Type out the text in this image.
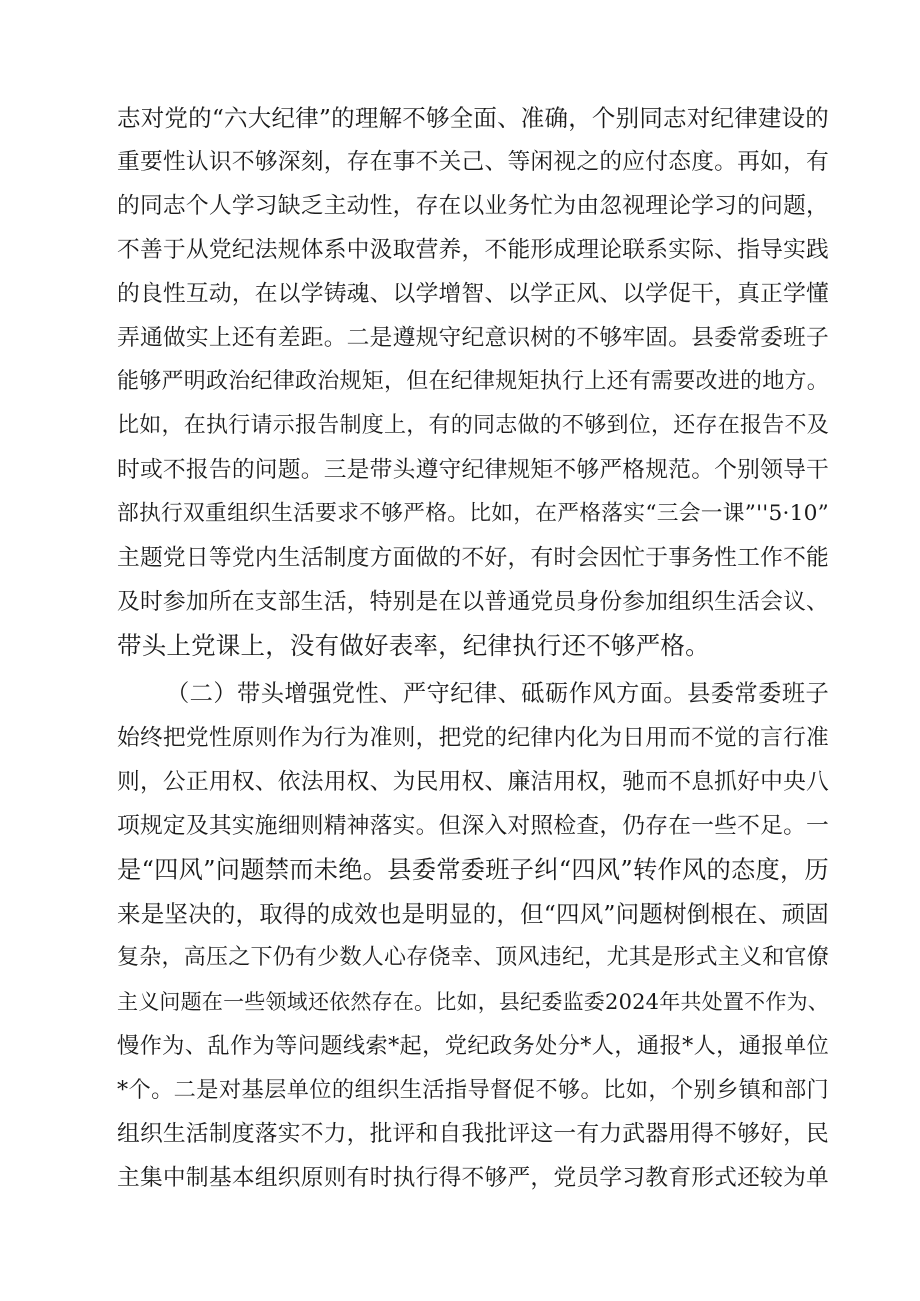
志对党的“六大纪律”的理解不够全面、准确，个别同志对纪律建设的
重要性认识不够深刻，存在事不关己、等闲视之的应付态度。再如，有
的同志个人学习缺乏主动性，存在以业务忙为由忽视理论学习的问题，
不善于从党纪法规体系中汲取营养，不能形成理论联系实际、指导实践
的良性互动，在以学铸魂、以学增智、以学正风、以学促干，真正学懂
弄通做实上还有差距。二是遵规守纪意识树的不够牢固。县委常委班子
能够严明政治纪律政治规矩，但在纪律规矩执行上还有需要改进的地方。
比如，在执行请示报告制度上，有的同志做的不够到位，还存在报告不及
时或不报告的问题。三是带头遵守纪律规矩不够严格规范。个别领导干
部执行双重组织生活要求不够严格。比如，在严格落实“三会一课”''5·10”
主题党日等党内生活制度方面做的不好，有时会因忙于事务性工作不能
及时参加所在支部生活，特别是在以普通党员身份参加组织生活会议、
带头上党课上，没有做好表率，纪律执行还不够严格。
（二）带头增强党性、严守纪律、砥砺作风方面。县委常委班子
始终把党性原则作为行为准则，把党的纪律内化为日用而不觉的言行准
则，公正用权、依法用权、为民用权、廉洁用权，驰而不息抓好中央八
项规定及其实施细则精神落实。但深入对照检查，仍存在一些不足。一
是“四风”问题禁而未绝。县委常委班子纠“四风”转作风的态度，历
来是坚决的，取得的成效也是明显的，但“四风”问题树倒根在、顽固
复杂，高压之下仍有少数人心存侥幸、顶风违纪，尤其是形式主义和官僚
主义问题在一些领域还依然存在。比如，县纪委监委2024年共处置不作为、
慢作为、乱作为等问题线索*起，党纪政务处分*人，通报*人，通报单位
*个。二是对基层单位的组织生活指导督促不够。比如，个别乡镇和部门
组织生活制度落实不力，批评和自我批评这一有力武器用得不够好，民
主集中制基本组织原则有时执行得不够严，党员学习教育形式还较为单
